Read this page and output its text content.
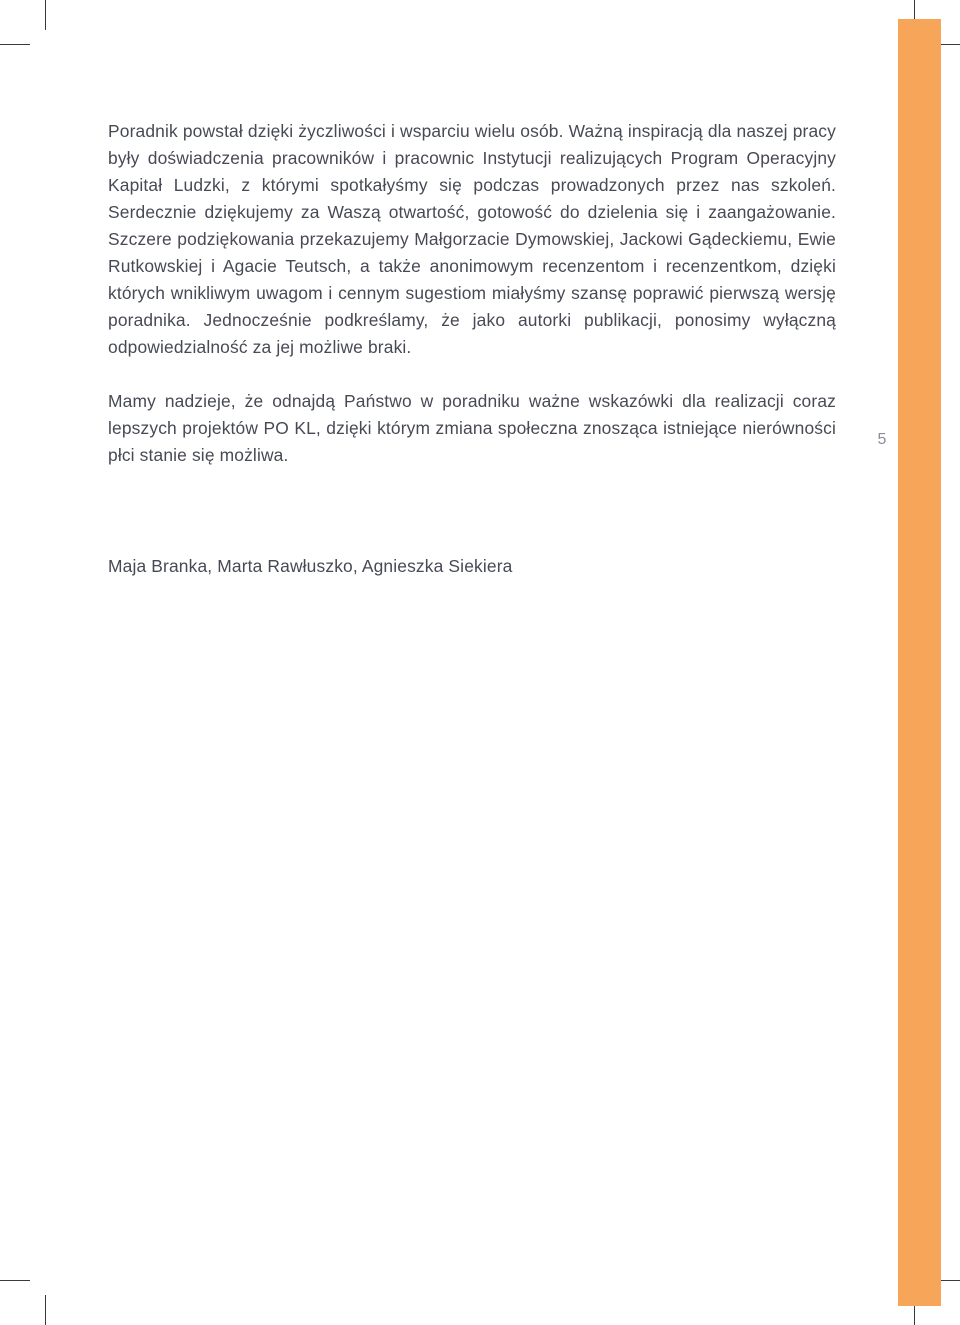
5

Poradnik powstał dzięki życzliwości i wsparciu wielu osób. Ważną inspiracją dla naszej pracy były doświadczenia pracowników i pracownic Instytucji realizujących Program Operacyjny Kapitał Ludzki, z którymi spotkałyśmy się podczas prowadzonych przez nas szkoleń. Serdecznie dziękujemy za Waszą otwartość, gotowość do dzielenia się i zaangażowanie. Szczere podziękowania przekazujemy Małgorzacie Dymowskiej, Jackowi Gądeckiemu, Ewie Rutkowskiej i Agacie Teutsch, a także anonimowym recenzentom i recenzentkom, dzięki których wnikliwym uwagom i cennym sugestiom miałyśmy szansę poprawić pierwszą wersję poradnika. Jednocześnie podkreślamy, że jako autorki publikacji, ponosimy wyłączną odpowiedzialność za jej możliwe braki.

Mamy nadzieje, że odnajdą Państwo w poradniku ważne wskazówki dla realizacji coraz lepszych projektów PO KL, dzięki którym zmiana społeczna znosząca istniejące nierówności płci stanie się możliwa.

Maja Branka, Marta Rawłuszko, Agnieszka Siekiera
